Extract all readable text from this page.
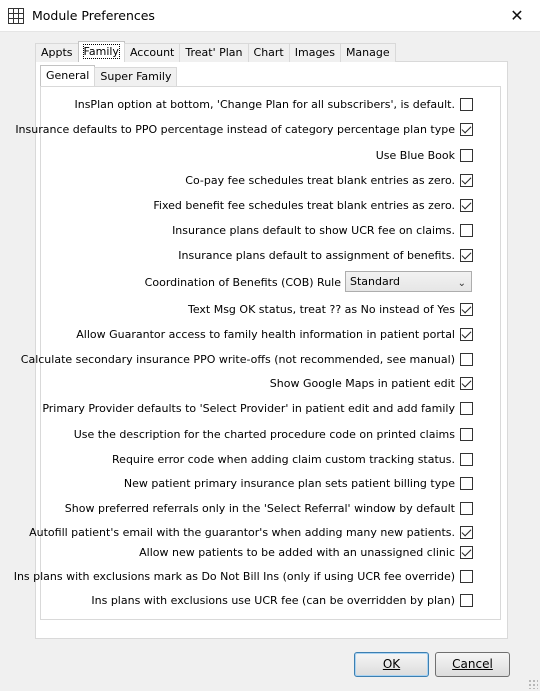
Module Preferences	✕
Appts	Family	Account	Treat' Plan	Chart	Images	Manage
General	Super Family
InsPlan option at bottom, 'Change Plan for all subscribers', is default.
Insurance defaults to PPO percentage instead of category percentage plan type
Use Blue Book
Co-pay fee schedules treat blank entries as zero.
Fixed benefit fee schedules treat blank entries as zero.
Insurance plans default to show UCR fee on claims.
Insurance plans default to assignment of benefits.
Text Msg OK status, treat ?? as No instead of Yes
Allow Guarantor access to family health information in patient portal
Calculate secondary insurance PPO write-offs (not recommended, see manual)
Show Google Maps in patient edit
Primary Provider defaults to 'Select Provider' in patient edit and add family
Use the description for the charted procedure code on printed claims
Require error code when adding claim custom tracking status.
New patient primary insurance plan sets patient billing type
Show preferred referrals only in the 'Select Referral' window by default
Autofill patient's email with the guarantor's when adding many new patients.
Allow new patients to be added with an unassigned clinic
Ins plans with exclusions mark as Do Not Bill Ins (only if using UCR fee override)
Ins plans with exclusions use UCR fee (can be overridden by plan)
Coordination of Benefits (COB) Rule Standard	⌄
OK	Cancel
